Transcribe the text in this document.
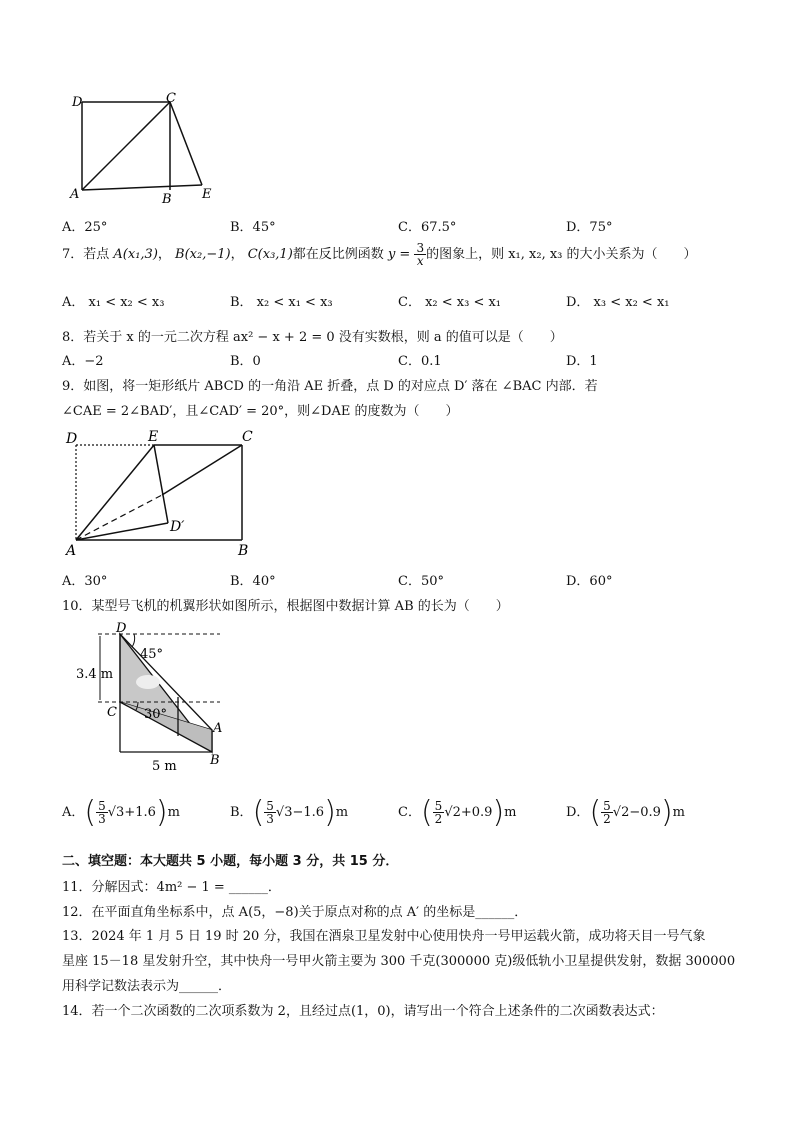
D	C
A	B E
A．25°	B．45°	C．67.5°	D．75°
7．若点 A(x₁,3)， B(x₂,−1)， C(x₃,1)都在反比例函数 $y = \frac{3}{x}$ 的图象上，则 x₁, x₂, x₃ 的大小关系为（　　）
A． x₁ < x₂ < x₃	B． x₂ < x₁ < x₃	C． x₂ < x₃ < x₁	D． x₃ < x₂ < x₁
8．若关于 x 的一元二次方程 ax² − x + 2 = 0 没有实数根，则 a 的值可以是（　　）
A．−2	B．0	C．0.1	D．1
9．如图，将一矩形纸片 ABCD 的一角沿 AE 折叠，点 D 的对应点 D′ 落在 ∠BAC 内部．若
∠CAE = 2∠BAD′，且∠CAD′ = 20°，则∠DAE 的度数为（　　）
D	E	C
A	B
D′
A．30°	B．40°	C．50°	D．60°
10．某型号飞机的机翼形状如图所示，根据图中数据计算 AB 的长为（　　）
D
C
A
B
45°
30°
3.4 m
5 m
A．( $\frac{5}{3} √3+1.6)m$	B．( $\frac{5}{3} √3-1.6)m$	C．( $\frac{5}{2} √2+0.9)m$	D．( $\frac{5}{2} √2-0.9)m$
二、填空题：本大题共 5 小题，每小题 3 分，共 15 分．
11．分解因式：4m² − 1 = ______．
12．在平面直角坐标系中，点 A(5，−8)关于原点对称的点 A′ 的坐标是______．
13．2024 年 1 月 5 日 19 时 20 分，我国在酒泉卫星发射中心使用快舟一号甲运载火箭，成功将天目一号气象
星座 15－18 星发射升空，其中快舟一号甲火箭主要为 300 千克(300000 克)级低轨小卫星提供发射，数据 300000
用科学记数法表示为______．
14．若一个二次函数的二次项系数为 2，且经过点(1，0)，请写出一个符合上述条件的二次函数表达式：
